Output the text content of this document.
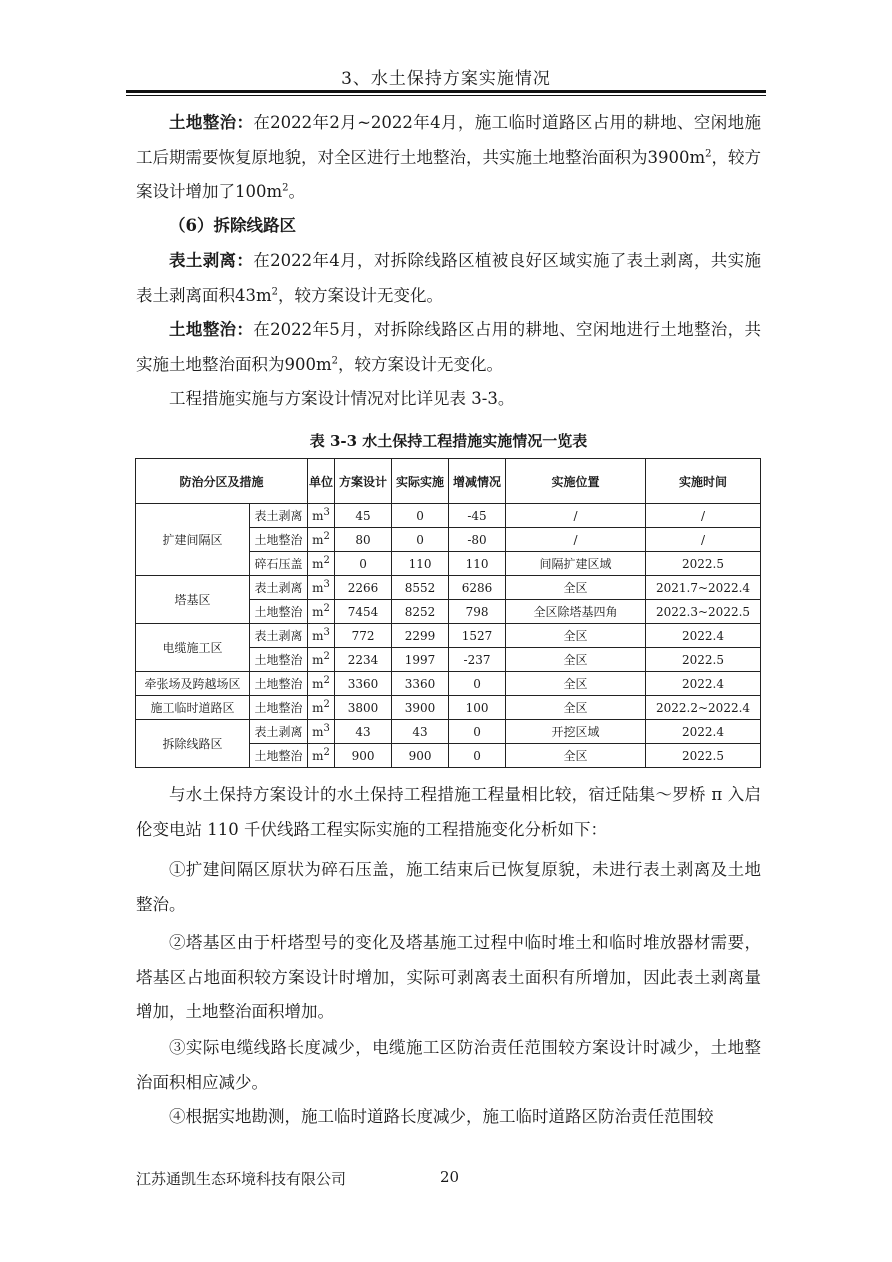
3、水土保持方案实施情况

土地整治：在2022年2月~2022年4月，施工临时道路区占用的耕地、空闲地施工后期需要恢复原地貌，对全区进行土地整治，共实施土地整治面积为$3900m^2$，较方案设计增加了$100m^2$。

（6）拆除线路区

表土剥离：在2022年4月，对拆除线路区植被良好区域实施了表土剥离，共实施表土剥离面积$43m^2$，较方案设计无变化。

土地整治：在2022年5月，对拆除线路区占用的耕地、空闲地进行土地整治，共实施土地整治面积为$900m^2$，较方案设计无变化。

工程措施实施与方案设计情况对比详见表 3-3。

表 3-3 水土保持工程措施实施情况一览表
防治分区及措施		单位	方案设计	实际实施	增减情况	实施位置	实施时间
扩建间隔区	表土剥离	$m^3$	45	0	-45	/	/
	土地整治	$m^2$	80	0	-80	/	/
	碎石压盖	$m^2$	0	110	110	间隔扩建区域	2022.5
塔基区	表土剥离	$m^3$	2266	8552	6286	全区	2021.7~2022.4
	土地整治	$m^2$	7454	8252	798	全区除塔基四角	2022.3~2022.5
电缆施工区	表土剥离	$m^3$	772	2299	1527	全区	2022.4
	土地整治	$m^2$	2234	1997	-237	全区	2022.5
牵张场及跨越场区	土地整治	$m^2$	3360	3360	0	全区	2022.4
施工临时道路区	土地整治	$m^2$	3800	3900	100	全区	2022.2~2022.4
拆除线路区	表土剥离	$m^3$	43	43	0	开挖区域	2022.4
	土地整治	$m^2$	900	900	0	全区	2022.5

与水土保持方案设计的水土保持工程措施工程量相比较，宿迁陆集～罗桥 π 入启伦变电站 110 千伏线路工程实际实施的工程措施变化分析如下：

①扩建间隔区原状为碎石压盖，施工结束后已恢复原貌，未进行表土剥离及土地整治。

②塔基区由于杆塔型号的变化及塔基施工过程中临时堆土和临时堆放器材需要，塔基区占地面积较方案设计时增加，实际可剥离表土面积有所增加，因此表土剥离量增加，土地整治面积增加。

③实际电缆线路长度减少，电缆施工区防治责任范围较方案设计时减少，土地整治面积相应减少。

④根据实地勘测，施工临时道路长度减少，施工临时道路区防治责任范围较

江苏通凯生态环境科技有限公司	20
